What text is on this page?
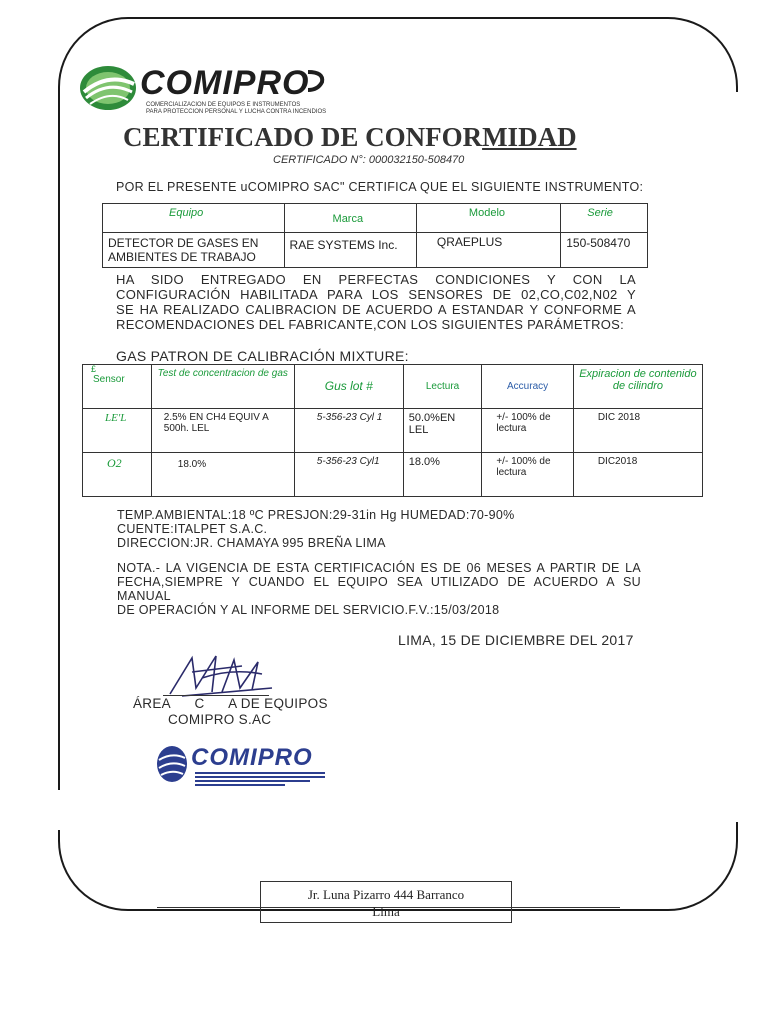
COMIPRO
COMERCIALIZACION DE EQUIPOS E INSTRUMENTOS
PARA PROTECCION PERSONAL Y LUCHA CONTRA INCENDIOS
CERTIFICADO DE CONFORMIDAD
CERTIFICADO N°: 000032150-508470
POR EL PRESENTE uCOMIPRO SAC" CERTIFICA QUE EL SIGUIENTE INSTRUMENTO:
Equipo	Marca	Modelo	Serie
DETECTOR DE GASES EN AMBIENTES DE TRABAJO	RAE SYSTEMS Inc.	QRAEPLUS	150-508470
HA SIDO ENTREGADO EN PERFECTAS CONDICIONES Y CON LA
CONFIGURACIÓN HABILITADA PARA LOS SENSORES DE 02,CO,C02,N02 Y
SE HA REALIZADO CALIBRACION DE ACUERDO A ESTANDAR Y CONFORME A
RECOMENDACIONES DEL FABRICANTE,CON LOS SIGUIENTES PARÁMETROS:
GAS PATRON DE CALIBRACIÓN MIXTURE:
£
Sensor	Test de concentracion de gas	Gus lot #	Lectura	Accuracy	Expiracion de contenido de cilindro
LE'L	2.5% EN CH4 EQUIV A 500h. LEL	5-356-23 Cyl 1	50.0%EN LEL	+/- 100% de lectura	DIC 2018
O2	18.0%	5-356-23 Cyl1	18.0%	+/- 100% de lectura	DIC2018
TEMP.AMBIENTAL:18 ºC PRESJON:29-31in Hg HUMEDAD:70-90%
CUENTE:ITALPET S.A.C.
DIRECCION:JR. CHAMAYA 995 BREÑA LIMA
NOTA.- LA VIGENCIA DE ESTA CERTIFICACIÓN ES DE 06 MESES A PARTIR DE LA
FECHA,SIEMPRE Y CUANDO EL EQUIPO SEA UTILIZADO DE ACUERDO A SU MANUAL
DE OPERACIÓN Y AL INFORME DEL SERVICIO.F.V.:15/03/2018
LIMA, 15 DE DICIEMBRE DEL 2017
ÁREA      C      A DE EQUIPOS
COMIPRO S.AC
COMIPRO
Jr. Luna Pizarro 444 Barranco
Lima
